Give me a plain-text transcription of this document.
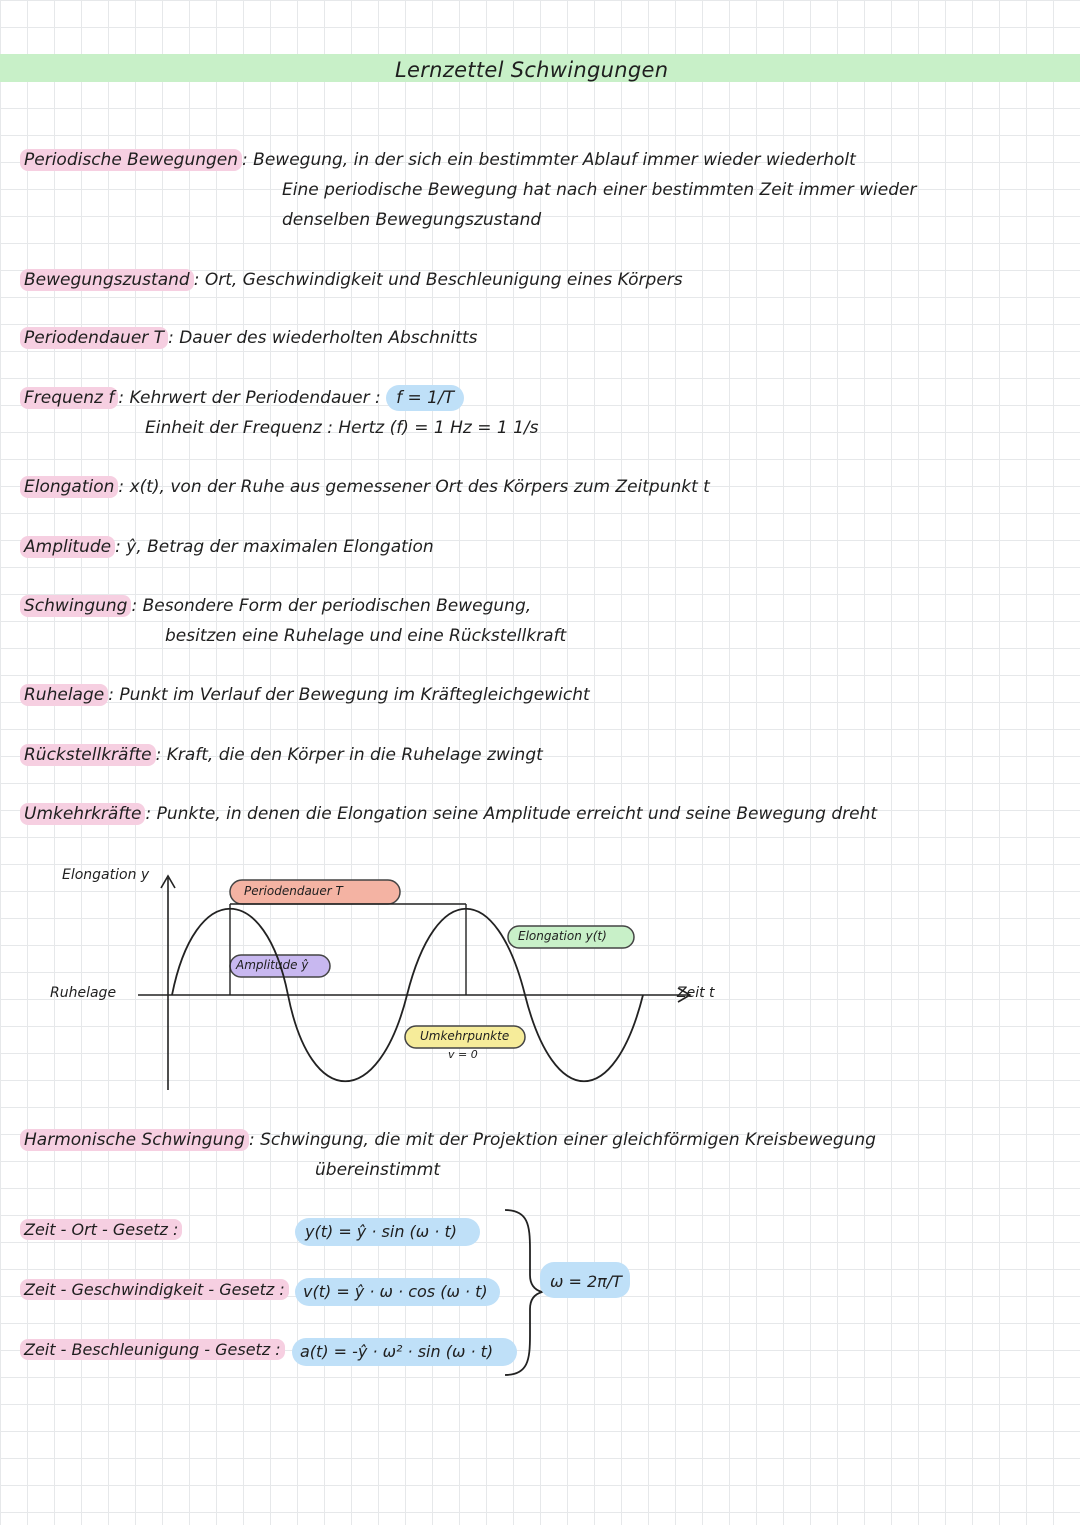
Lernzettel Schwingungen
Periodische Bewegungen : Bewegung, in der sich ein bestimmter Ablauf immer wieder wiederholt
Eine periodische Bewegung hat nach einer bestimmten Zeit immer wieder
denselben Bewegungszustand
Bewegungszustand : Ort, Geschwindigkeit und Beschleunigung eines Körpers
Periodendauer T : Dauer des wiederholten Abschnitts
Frequenz f : Kehrwert der Periodendauer : f = 1/T
Einheit der Frequenz : Hertz (f) = 1 Hz = 1 1/s
Elongation : x(t), von der Ruhe aus gemessener Ort des Körpers zum Zeitpunkt t
Amplitude : ŷ, Betrag der maximalen Elongation
Schwingung : Besondere Form der periodischen Bewegung,
besitzen eine Ruhelage und eine Rückstellkraft
Ruhelage : Punkt im Verlauf der Bewegung im Kräftegleichgewicht
Rückstellkräfte : Kraft, die den Körper in die Ruhelage zwingt
Umkehrkräfte : Punkte, in denen die Elongation seine Amplitude erreicht und seine Bewegung dreht
Elongation y
Ruhelage	Zeit t
Periodendauer T
Amplitude ŷ
Elongation y(t)
Umkehrpunkte
v = 0
Harmonische Schwingung : Schwingung, die mit der Projektion einer gleichförmigen Kreisbewegung
übereinstimmt
Zeit - Ort - Gesetz :	y(t) = ŷ · sin (ω · t)
Zeit - Geschwindigkeit - Gesetz : v(t) = ŷ · ω · cos (ω · t)
Zeit - Beschleunigung - Gesetz : a(t) = -ŷ · ω² · sin (ω · t)
ω = 2π/T
